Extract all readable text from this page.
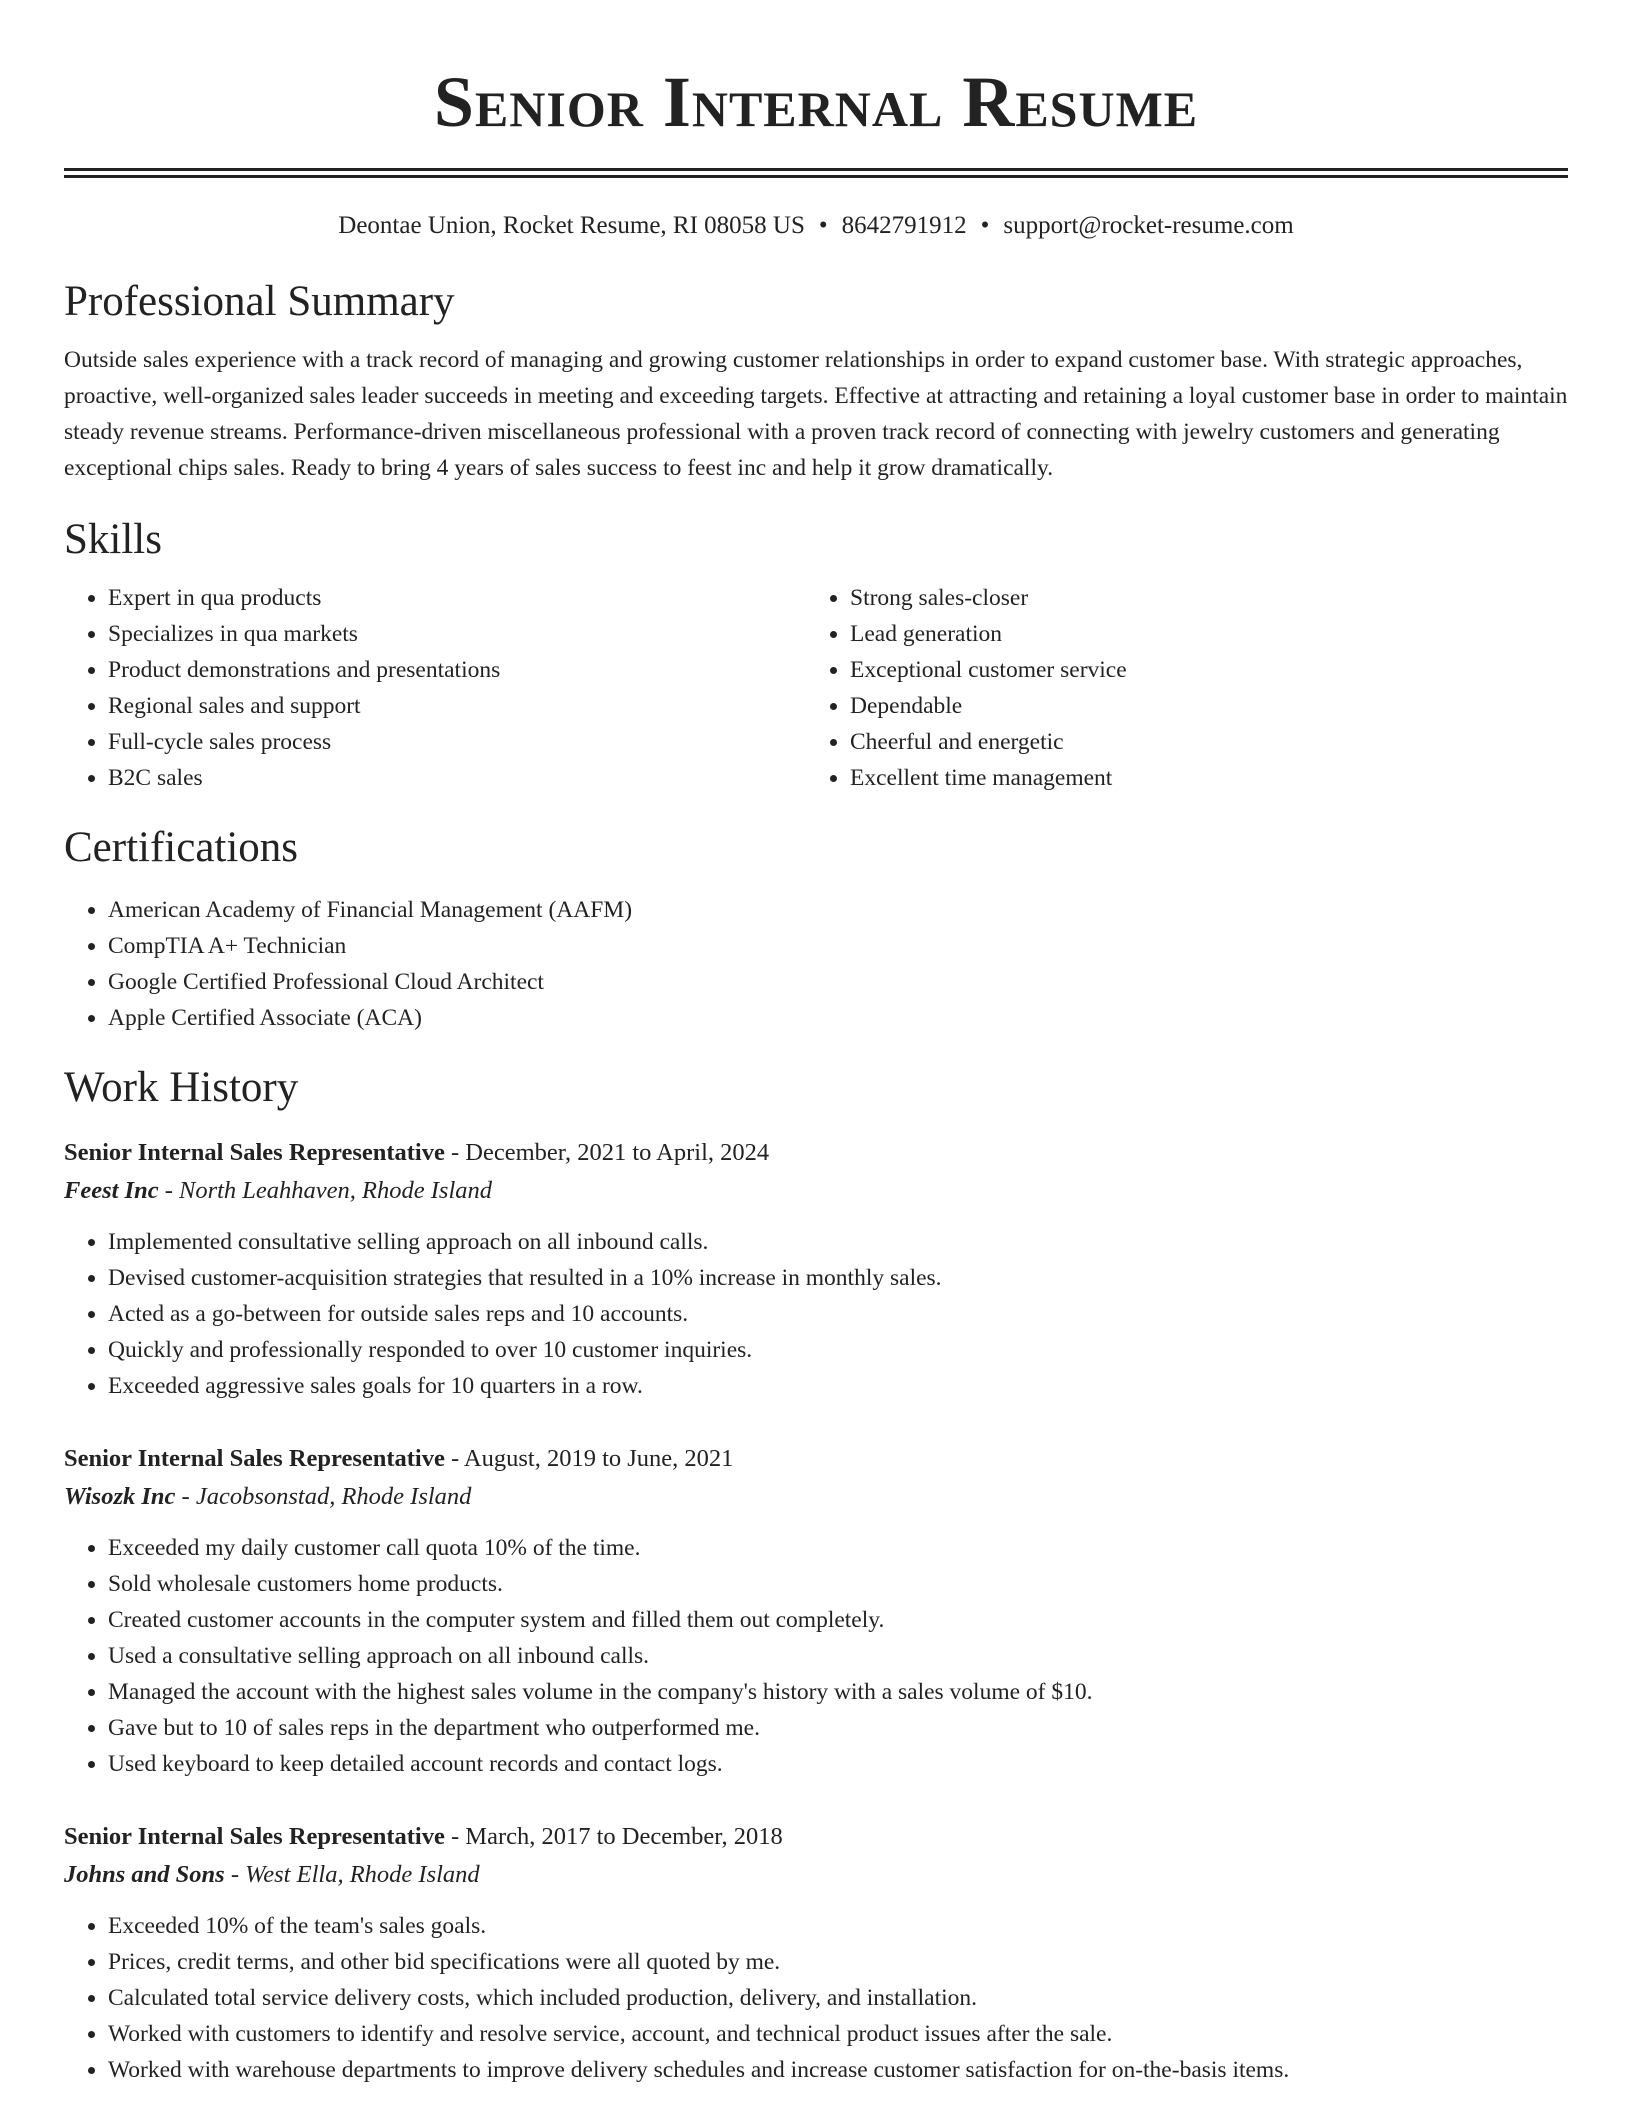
Senior Internal Resume
Deontae Union, Rocket Resume, RI 08058 US • 8642791912 • support@rocket-resume.com
Professional Summary
Outside sales experience with a track record of managing and growing customer relationships in order to expand customer base. With strategic approaches, proactive, well-organized sales leader succeeds in meeting and exceeding targets. Effective at attracting and retaining a loyal customer base in order to maintain steady revenue streams. Performance-driven miscellaneous professional with a proven track record of connecting with jewelry customers and generating exceptional chips sales. Ready to bring 4 years of sales success to feest inc and help it grow dramatically.
Skills
• Expert in qua products
• Specializes in qua markets
• Product demonstrations and presentations
• Regional sales and support
• Full-cycle sales process
• B2C sales
• Strong sales-closer
• Lead generation
• Exceptional customer service
• Dependable
• Cheerful and energetic
• Excellent time management
Certifications
• American Academy of Financial Management (AAFM)
• CompTIA A+ Technician
• Google Certified Professional Cloud Architect
• Apple Certified Associate (ACA)
Work History
Senior Internal Sales Representative - December, 2021 to April, 2024
Feest Inc - North Leahhaven, Rhode Island
• Implemented consultative selling approach on all inbound calls.
• Devised customer-acquisition strategies that resulted in a 10% increase in monthly sales.
• Acted as a go-between for outside sales reps and 10 accounts.
• Quickly and professionally responded to over 10 customer inquiries.
• Exceeded aggressive sales goals for 10 quarters in a row.
Senior Internal Sales Representative - August, 2019 to June, 2021
Wisozk Inc - Jacobsonstad, Rhode Island
• Exceeded my daily customer call quota 10% of the time.
• Sold wholesale customers home products.
• Created customer accounts in the computer system and filled them out completely.
• Used a consultative selling approach on all inbound calls.
• Managed the account with the highest sales volume in the company's history with a sales volume of $10.
• Gave but to 10 of sales reps in the department who outperformed me.
• Used keyboard to keep detailed account records and contact logs.
Senior Internal Sales Representative - March, 2017 to December, 2018
Johns and Sons - West Ella, Rhode Island
• Exceeded 10% of the team's sales goals.
• Prices, credit terms, and other bid specifications were all quoted by me.
• Calculated total service delivery costs, which included production, delivery, and installation.
• Worked with customers to identify and resolve service, account, and technical product issues after the sale.
• Worked with warehouse departments to improve delivery schedules and increase customer satisfaction for on-the-basis items.
